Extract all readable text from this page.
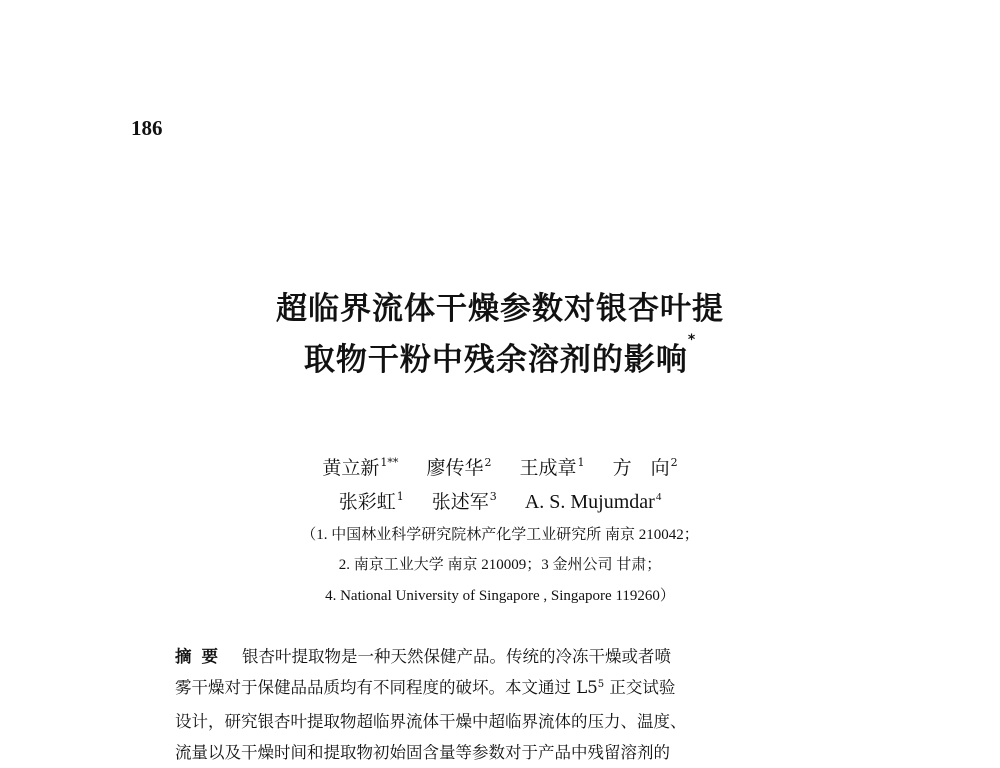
186
超临界流体干燥参数对银杏叶提
取物干粉中残余溶剂的影响*
黄立新$^{1**}$ 廖传华$^2$ 王成章$^1$ 方　向$^2$
张彩虹$^1$ 张述军$^3$ A. S. Mujumdar$^4$
（1. 中国林业科学研究院林产化学工业研究所 南京 210042；
2. 南京工业大学 南京 210009；3 金州公司 甘肃；
4. National University of Singapore , Singapore 119260）
摘要 银杏叶提取物是一种天然保健产品。传统的冷冻干燥或者喷
雾干燥对于保健品品质均有不同程度的破坏。本文通过 $L5^5$ 正交试验
设计，研究银杏叶提取物超临界流体干燥中超临界流体的压力、温度、
流量以及干燥时间和提取物初始固含量等参数对于产品中残留溶剂的
